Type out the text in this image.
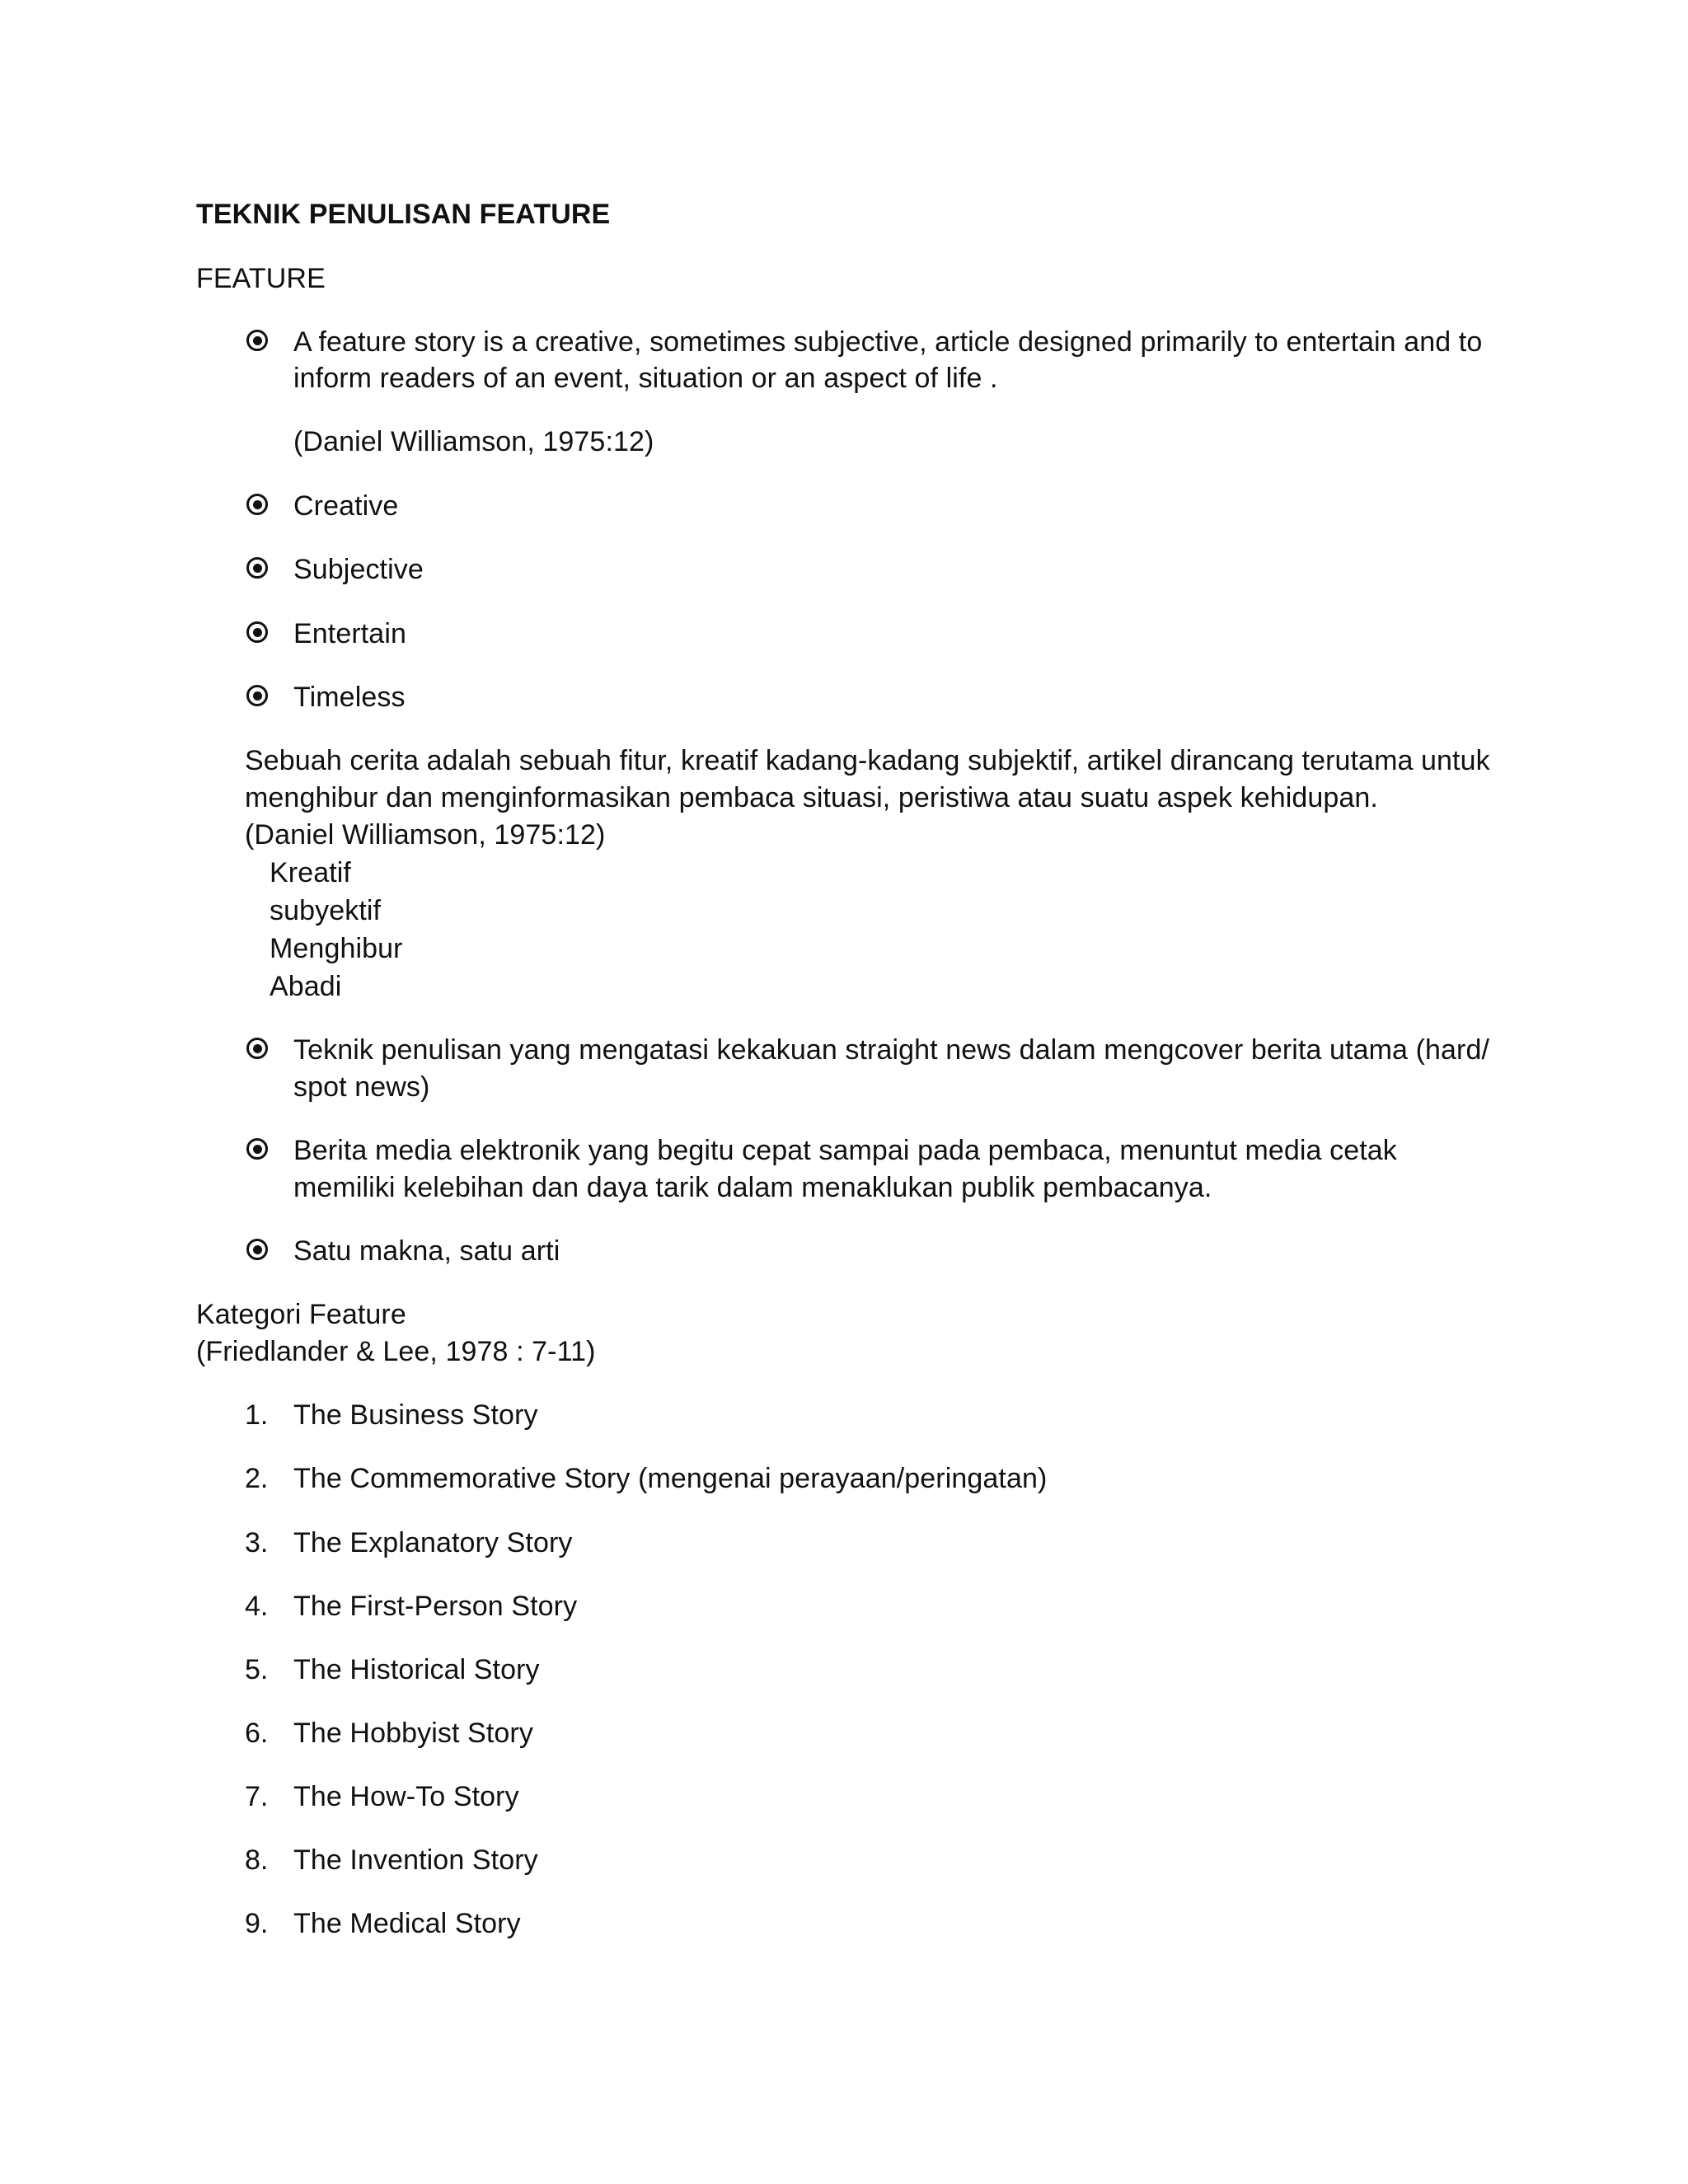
TEKNIK PENULISAN FEATURE
FEATURE
A feature story is a creative, sometimes subjective, article designed primarily to entertain and to
inform readers of an event, situation or an aspect of life .
(Daniel Williamson, 1975:12)
Creative
Subjective
Entertain
Timeless
Sebuah cerita adalah sebuah fitur, kreatif kadang-kadang subjektif, artikel dirancang terutama untuk
menghibur dan menginformasikan pembaca situasi, peristiwa atau suatu aspek kehidupan.
(Daniel Williamson, 1975:12)
Kreatif
subyektif
Menghibur
Abadi
Teknik penulisan yang mengatasi kekakuan straight news dalam mengcover berita utama (hard/
spot news)
Berita media elektronik yang begitu cepat sampai pada pembaca, menuntut media cetak
memiliki kelebihan dan daya tarik dalam menaklukan publik pembacanya.
Satu makna, satu arti
Kategori Feature
(Friedlander & Lee, 1978 : 7-11)
1. The Business Story
2. The Commemorative Story (mengenai perayaan/peringatan)
3. The Explanatory Story
4. The First-Person Story
5. The Historical Story
6. The Hobbyist Story
7. The How-To Story
8. The Invention Story
9. The Medical Story
